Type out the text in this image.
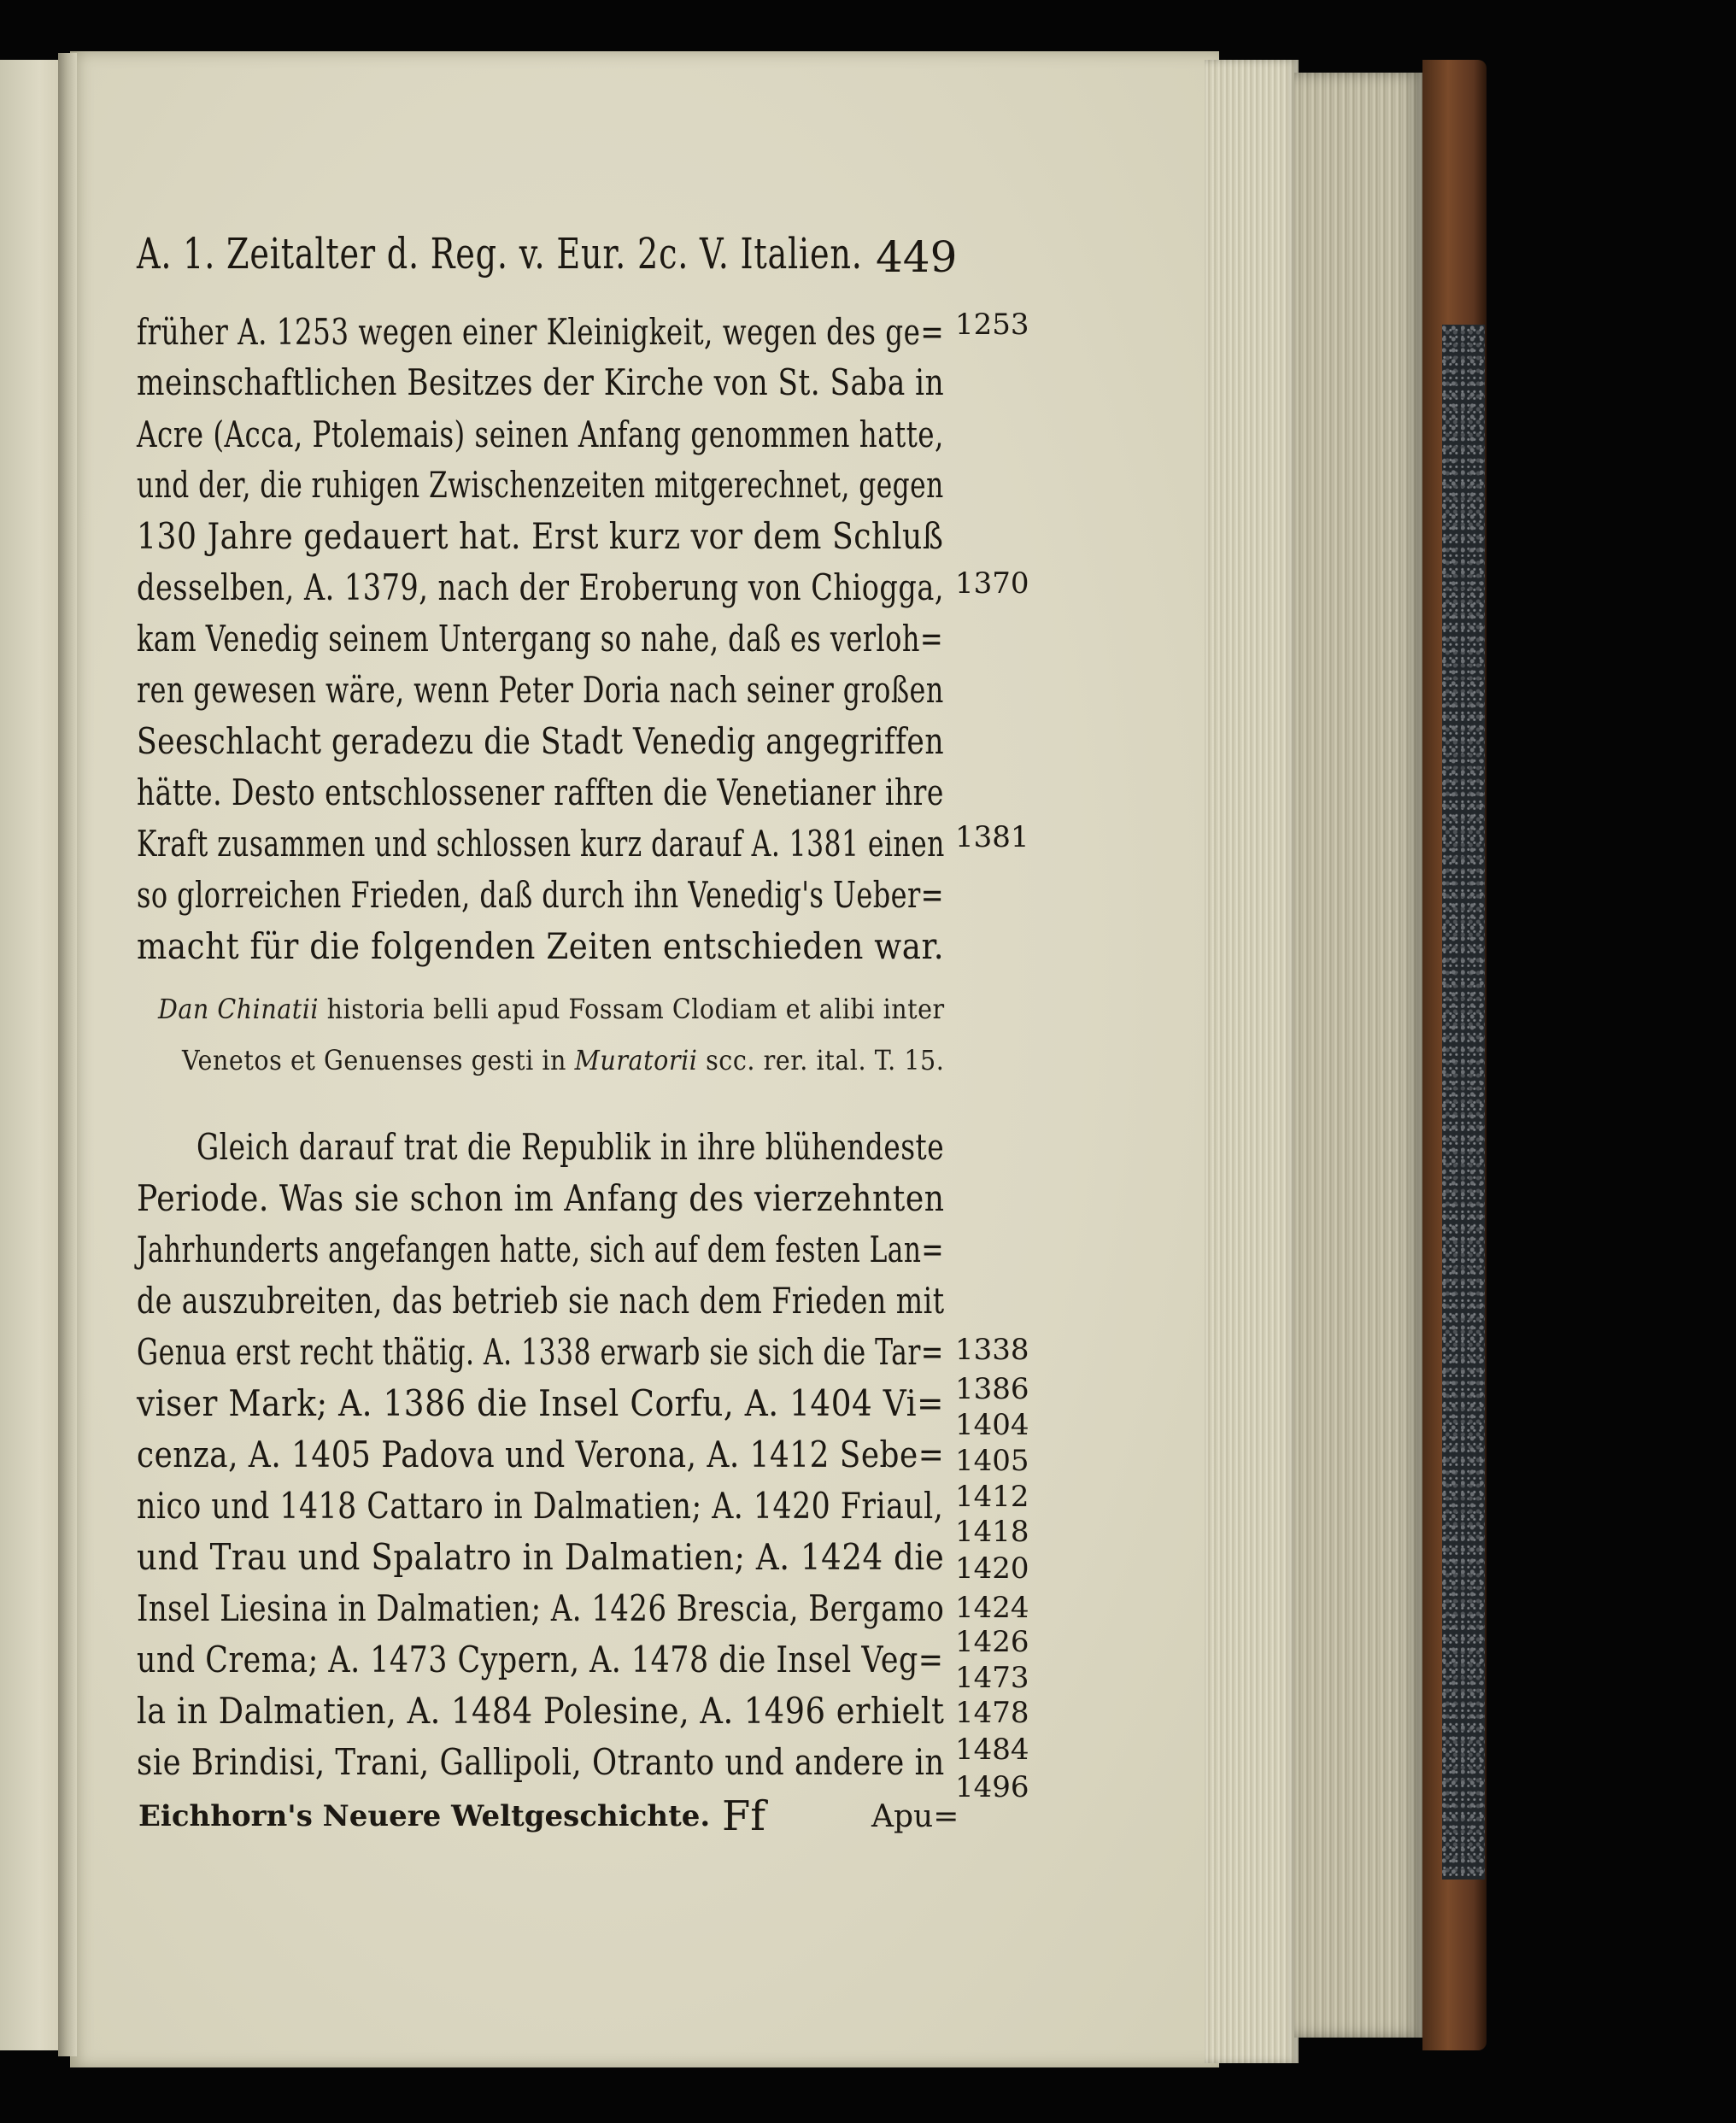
A. 1. Zeitalter d. Reg. v. Eur. 2c. V. Italien. 449
früher A. 1253 wegen einer Kleinigkeit, wegen des ge=
meinschaftlichen Besitzes der Kirche von St. Saba in
Acre (Acca, Ptolemais) seinen Anfang genommen hatte,
und der, die ruhigen Zwischenzeiten mitgerechnet, gegen
130 Jahre gedauert hat. Erst kurz vor dem Schluß
desselben, A. 1379, nach der Eroberung von Chiogga,
kam Venedig seinem Untergang so nahe, daß es verloh=
ren gewesen wäre, wenn Peter Doria nach seiner großen
Seeschlacht geradezu die Stadt Venedig angegriffen
hätte. Desto entschlossener rafften die Venetianer ihre
Kraft zusammen und schlossen kurz darauf A. 1381 einen
so glorreichen Frieden, daß durch ihn Venedig's Ueber=
macht für die folgenden Zeiten entschieden war.
Dan Chinatii historia belli apud Fossam Clodiam et alibi inter
Venetos et Genuenses gesti in Muratorii scc. rer. ital. T. 15.
Gleich darauf trat die Republik in ihre blühendeste
Periode. Was sie schon im Anfang des vierzehnten
Jahrhunderts angefangen hatte, sich auf dem festen Lan=
de auszubreiten, das betrieb sie nach dem Frieden mit
Genua erst recht thätig. A. 1338 erwarb sie sich die Tar=
viser Mark; A. 1386 die Insel Corfu, A. 1404 Vi=
cenza, A. 1405 Padova und Verona, A. 1412 Sebe=
nico und 1418 Cattaro in Dalmatien; A. 1420 Friaul,
und Trau und Spalatro in Dalmatien; A. 1424 die
Insel Liesina in Dalmatien; A. 1426 Brescia, Bergamo
und Crema; A. 1473 Cypern, A. 1478 die Insel Veg=
la in Dalmatien, A. 1484 Polesine, A. 1496 erhielt
sie Brindisi, Trani, Gallipoli, Otranto und andere in
1253
1370
1381
1338
1386
1404
1405
1412
1418
1420
1424
1426
1473
1478
1484
1496
Eichhorn's Neuere Weltgeschichte. Ff	Apu=
